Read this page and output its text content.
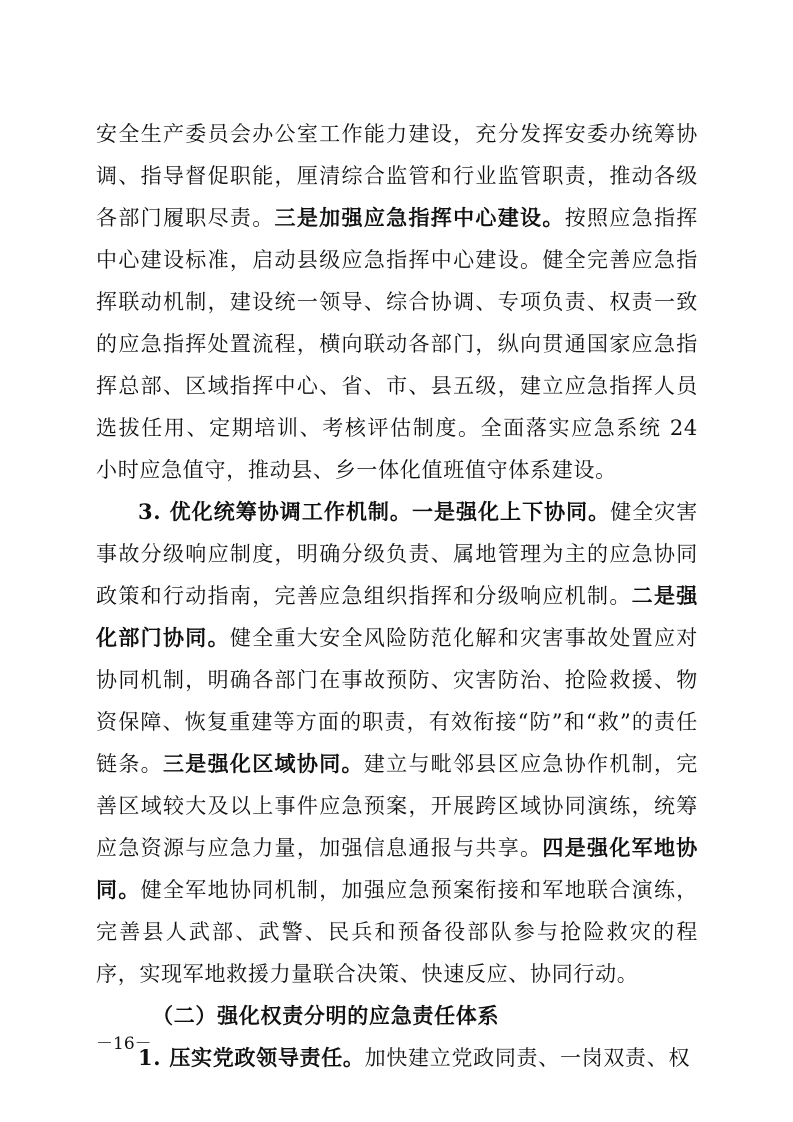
安全生产委员会办公室工作能力建设，充分发挥安委办统筹协调、指导督促职能，厘清综合监管和行业监管职责，推动各级各部门履职尽责。三是加强应急指挥中心建设。按照应急指挥中心建设标准，启动县级应急指挥中心建设。健全完善应急指挥联动机制，建设统一领导、综合协调、专项负责、权责一致的应急指挥处置流程，横向联动各部门，纵向贯通国家应急指挥总部、区域指挥中心、省、市、县五级，建立应急指挥人员选拔任用、定期培训、考核评估制度。全面落实应急系统 24 小时应急值守，推动县、乡一体化值班值守体系建设。

3. 优化统筹协调工作机制。一是强化上下协同。健全灾害事故分级响应制度，明确分级负责、属地管理为主的应急协同政策和行动指南，完善应急组织指挥和分级响应机制。二是强化部门协同。健全重大安全风险防范化解和灾害事故处置应对协同机制，明确各部门在事故预防、灾害防治、抢险救援、物资保障、恢复重建等方面的职责，有效衔接“防”和“救”的责任链条。三是强化区域协同。建立与毗邻县区应急协作机制，完善区域较大及以上事件应急预案，开展跨区域协同演练，统筹应急资源与应急力量，加强信息通报与共享。四是强化军地协同。健全军地协同机制，加强应急预案衔接和军地联合演练，完善县人武部、武警、民兵和预备役部队参与抢险救灾的程序，实现军地救援力量联合决策、快速反应、协同行动。

（二）强化权责分明的应急责任体系

1. 压实党政领导责任。加快建立党政同责、一岗双责、权

－16－
